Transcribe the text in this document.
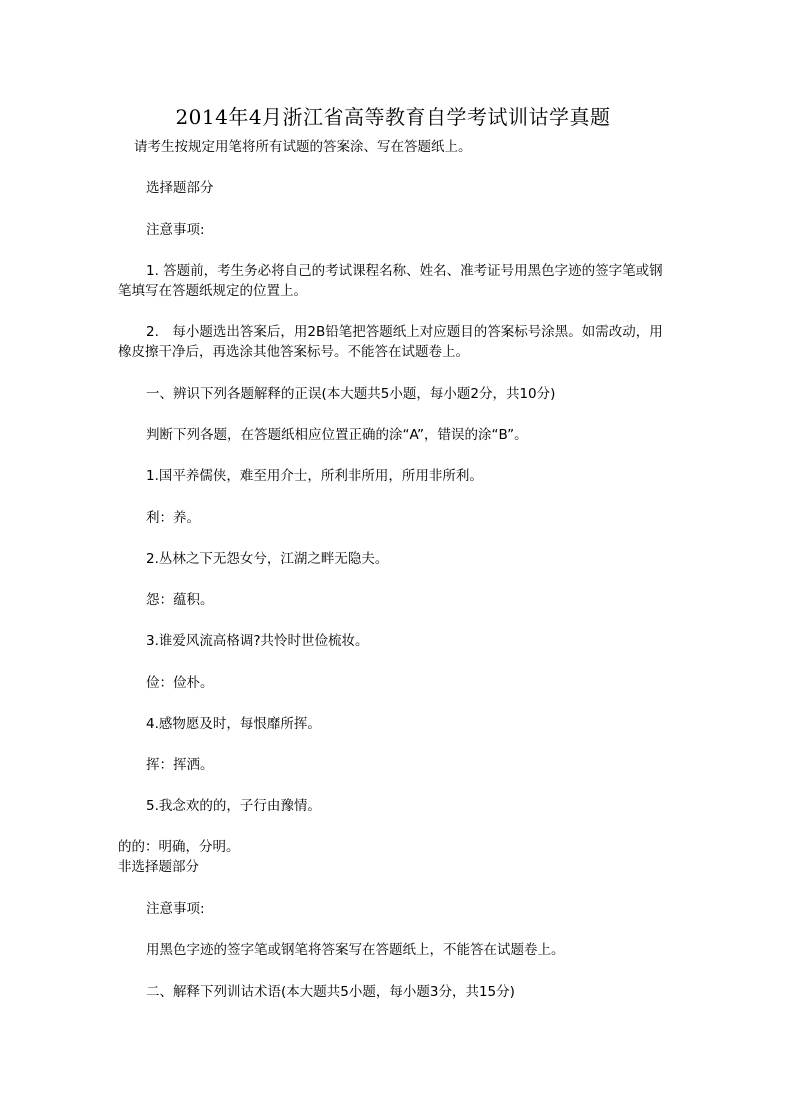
2014年4月浙江省高等教育自学考试训诂学真题
请考生按规定用笔将所有试题的答案涂、写在答题纸上。
选择题部分
注意事项:
1. 答题前，考生务必将自己的考试课程名称、姓名、准考证号用黑色字迹的签字笔或钢笔填写在答题纸规定的位置上。
2.　每小题选出答案后，用2B铅笔把答题纸上对应题目的答案标号涂黑。如需改动，用橡皮擦干净后，再选涂其他答案标号。不能答在试题卷上。
一、辨识下列各题解释的正误(本大题共5小题，每小题2分，共10分)
判断下列各题，在答题纸相应位置正确的涂“A”，错误的涂“B”。
1.国平养儒侠，难至用介士，所利非所用，所用非所利。
利：养。
2.丛林之下无怨女兮，江湖之畔无隐夫。
怨：蕴积。
3.谁爱风流高格调?共怜时世俭梳妆。
俭：俭朴。
4.感物愿及时，每恨靡所挥。
挥：挥洒。
5.我念欢的的，子行由豫情。
的的：明确，分明。
非选择题部分
注意事项:
用黑色字迹的签字笔或钢笔将答案写在答题纸上，不能答在试题卷上。
二、解释下列训诂术语(本大题共5小题，每小题3分，共15分)
